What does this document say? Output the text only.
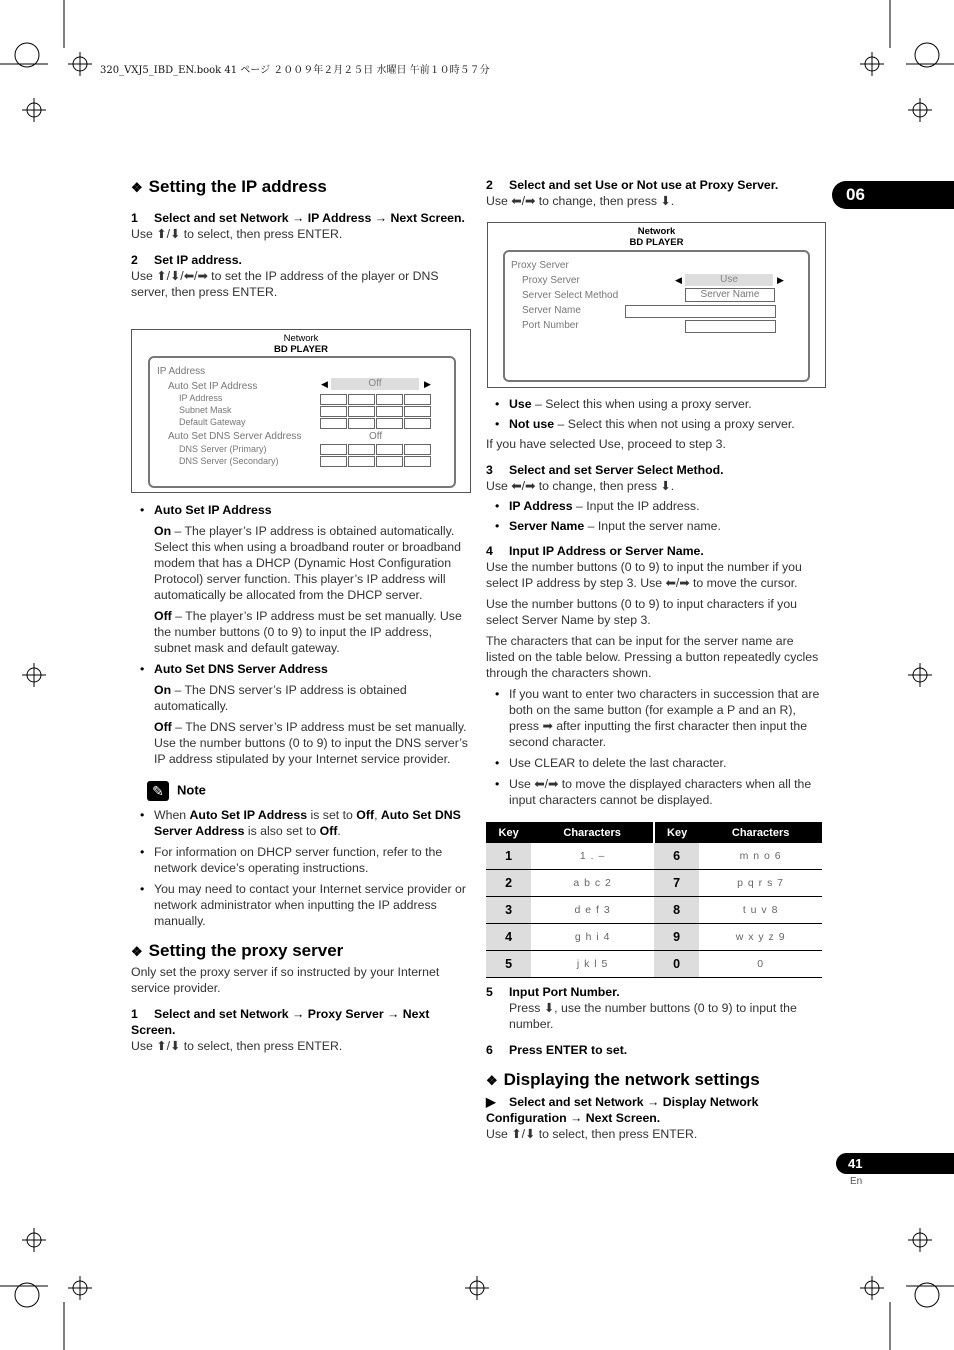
320_VXJ5_IBD_EN.book 41 ページ ２００９年２月２５日 水曜日 午前１０時５７分
06
41
En
❖ Setting the IP address
1 Select and set Network → IP Address → Next Screen.

Use ⬆/⬇ to select, then press ENTER.

2 Set IP address.

Use ⬆/⬇/⬅/➡ to set the IP address of the player or DNS server, then press ENTER.

Network
BD PLAYER
IP Address
Auto Set IP Address	◀	Off	▶
IP Address
Subnet Mask
Default Gateway
Auto Set DNS Server Address	Off
DNS Server (Primary)
DNS Server (Secondary)
• Auto Set IP Address

On – The player’s IP address is obtained automatically. Select this when using a broadband router or broadband modem that has a DHCP (Dynamic Host Configuration Protocol) server function. This player’s IP address will automatically be allocated from the DHCP server.

Off – The player’s IP address must be set manually. Use the number buttons (0 to 9) to input the IP address, subnet mask and default gateway.

• Auto Set DNS Server Address

On – The DNS server’s IP address is obtained automatically.

Off – The DNS server’s IP address must be set manually. Use the number buttons (0 to 9) to input the DNS server’s IP address stipulated by your Internet service provider.

✎ Note
• When Auto Set IP Address is set to Off, Auto Set DNS Server Address is also set to Off.
• For information on DHCP server function, refer to the network device’s operating instructions.
• You may need to contact your Internet service provider or network administrator when inputting the IP address manually.
❖ Setting the proxy server

Only set the proxy server if so instructed by your Internet service provider.

1 Select and set Network → Proxy Server → Next Screen.

Use ⬆/⬇ to select, then press ENTER.

2 Select and set Use or Not use at Proxy Server.

Use ⬅/➡ to change, then press ⬇.

Network
BD PLAYER
Proxy Server
Proxy Server	◀	Use	▶
Server Select Method	Server Name
Server Name
Port Number
• Use – Select this when using a proxy server.
• Not use – Select this when not using a proxy server.

If you have selected Use, proceed to step 3.

3 Select and set Server Select Method.

Use ⬅/➡ to change, then press ⬇.

• IP Address – Input the IP address.
• Server Name – Input the server name.
4 Input IP Address or Server Name.

Use the number buttons (0 to 9) to input the number if you select IP address by step 3. Use ⬅/➡ to move the cursor.

Use the number buttons (0 to 9) to input characters if you select Server Name by step 3.

The characters that can be input for the server name are listed on the table below. Pressing a button repeatedly cycles through the characters shown.

• If you want to enter two characters in succession that are both on the same button (for example a P and an R), press ➡ after inputting the first character then input the second character.
• Use CLEAR to delete the last character.
• Use ⬅/➡ to move the displayed characters when all the input characters cannot be displayed.
Key	Characters	Key	Characters
1	1 . –	6	m n o 6
2	a b c 2	7	p q r s 7
3	d e f 3	8	t u v 8
4	g h i 4	9	w x y z 9
5	j k l 5	0	0
5 Input Port Number.

Press ⬇, use the number buttons (0 to 9) to input the number.

6 Press ENTER to set.
❖ Displaying the network settings
▶ Select and set Network → Display Network Configuration → Next Screen.

Use ⬆/⬇ to select, then press ENTER.
